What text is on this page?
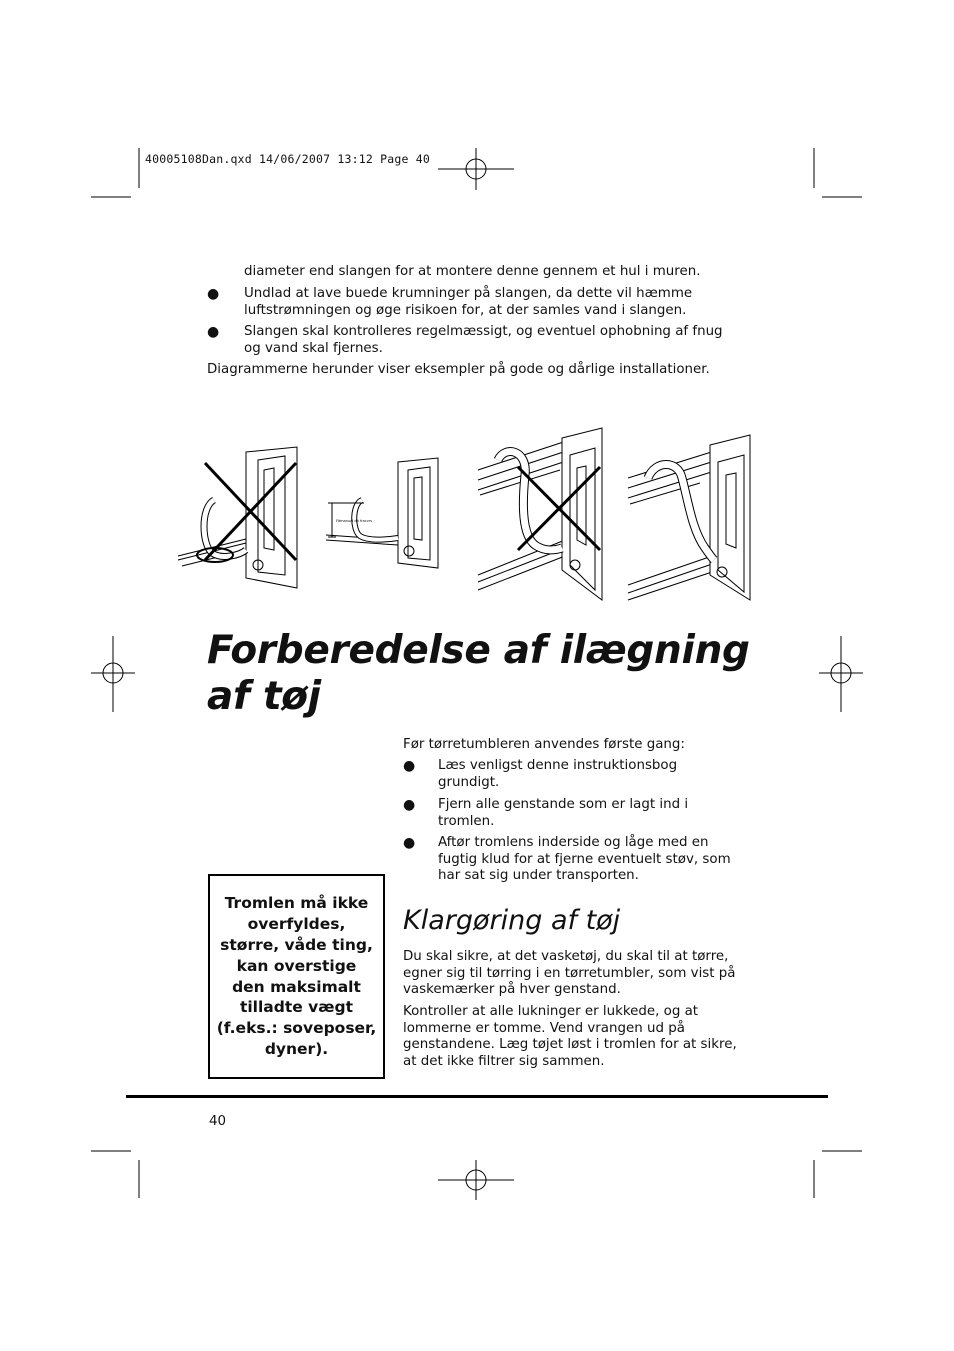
Fitmanual dit fracvrs
40005108Dan.qxd 14/06/2007 13:12 Page 40
diameter end slangen for at montere denne gennem et hul i muren.
● Undlad at lave buede krumninger på slangen, da dette vil hæmme
luftstrømningen og øge risikoen for, at der samles vand i slangen.
● Slangen skal kontrolleres regelmæssigt, og eventuel ophobning af fnug
og vand skal fjernes.
Diagrammerne herunder viser eksempler på gode og dårlige installationer.
Forberedelse af ilægning
af tøj
Før tørretumbleren anvendes første gang:
● Læs venligst denne instruktionsbog
grundigt.
● Fjern alle genstande som er lagt ind i
tromlen.
● Aftør tromlens inderside og låge med en
fugtig klud for at fjerne eventuelt støv, som
har sat sig under transporten.
Tromlen må ikke
overfyldes,
større, våde ting,
kan overstige
den maksimalt
tilladte vægt
(f.eks.: soveposer,
dyner).
Klargøring af tøj
Du skal sikre, at det vasketøj, du skal til at tørre,
egner sig til tørring i en tørretumbler, som vist på
vaskemærker på hver genstand.
Kontroller at alle lukninger er lukkede, og at
lommerne er tomme. Vend vrangen ud på
genstandene. Læg tøjet løst i tromlen for at sikre,
at det ikke filtrer sig sammen.
40
